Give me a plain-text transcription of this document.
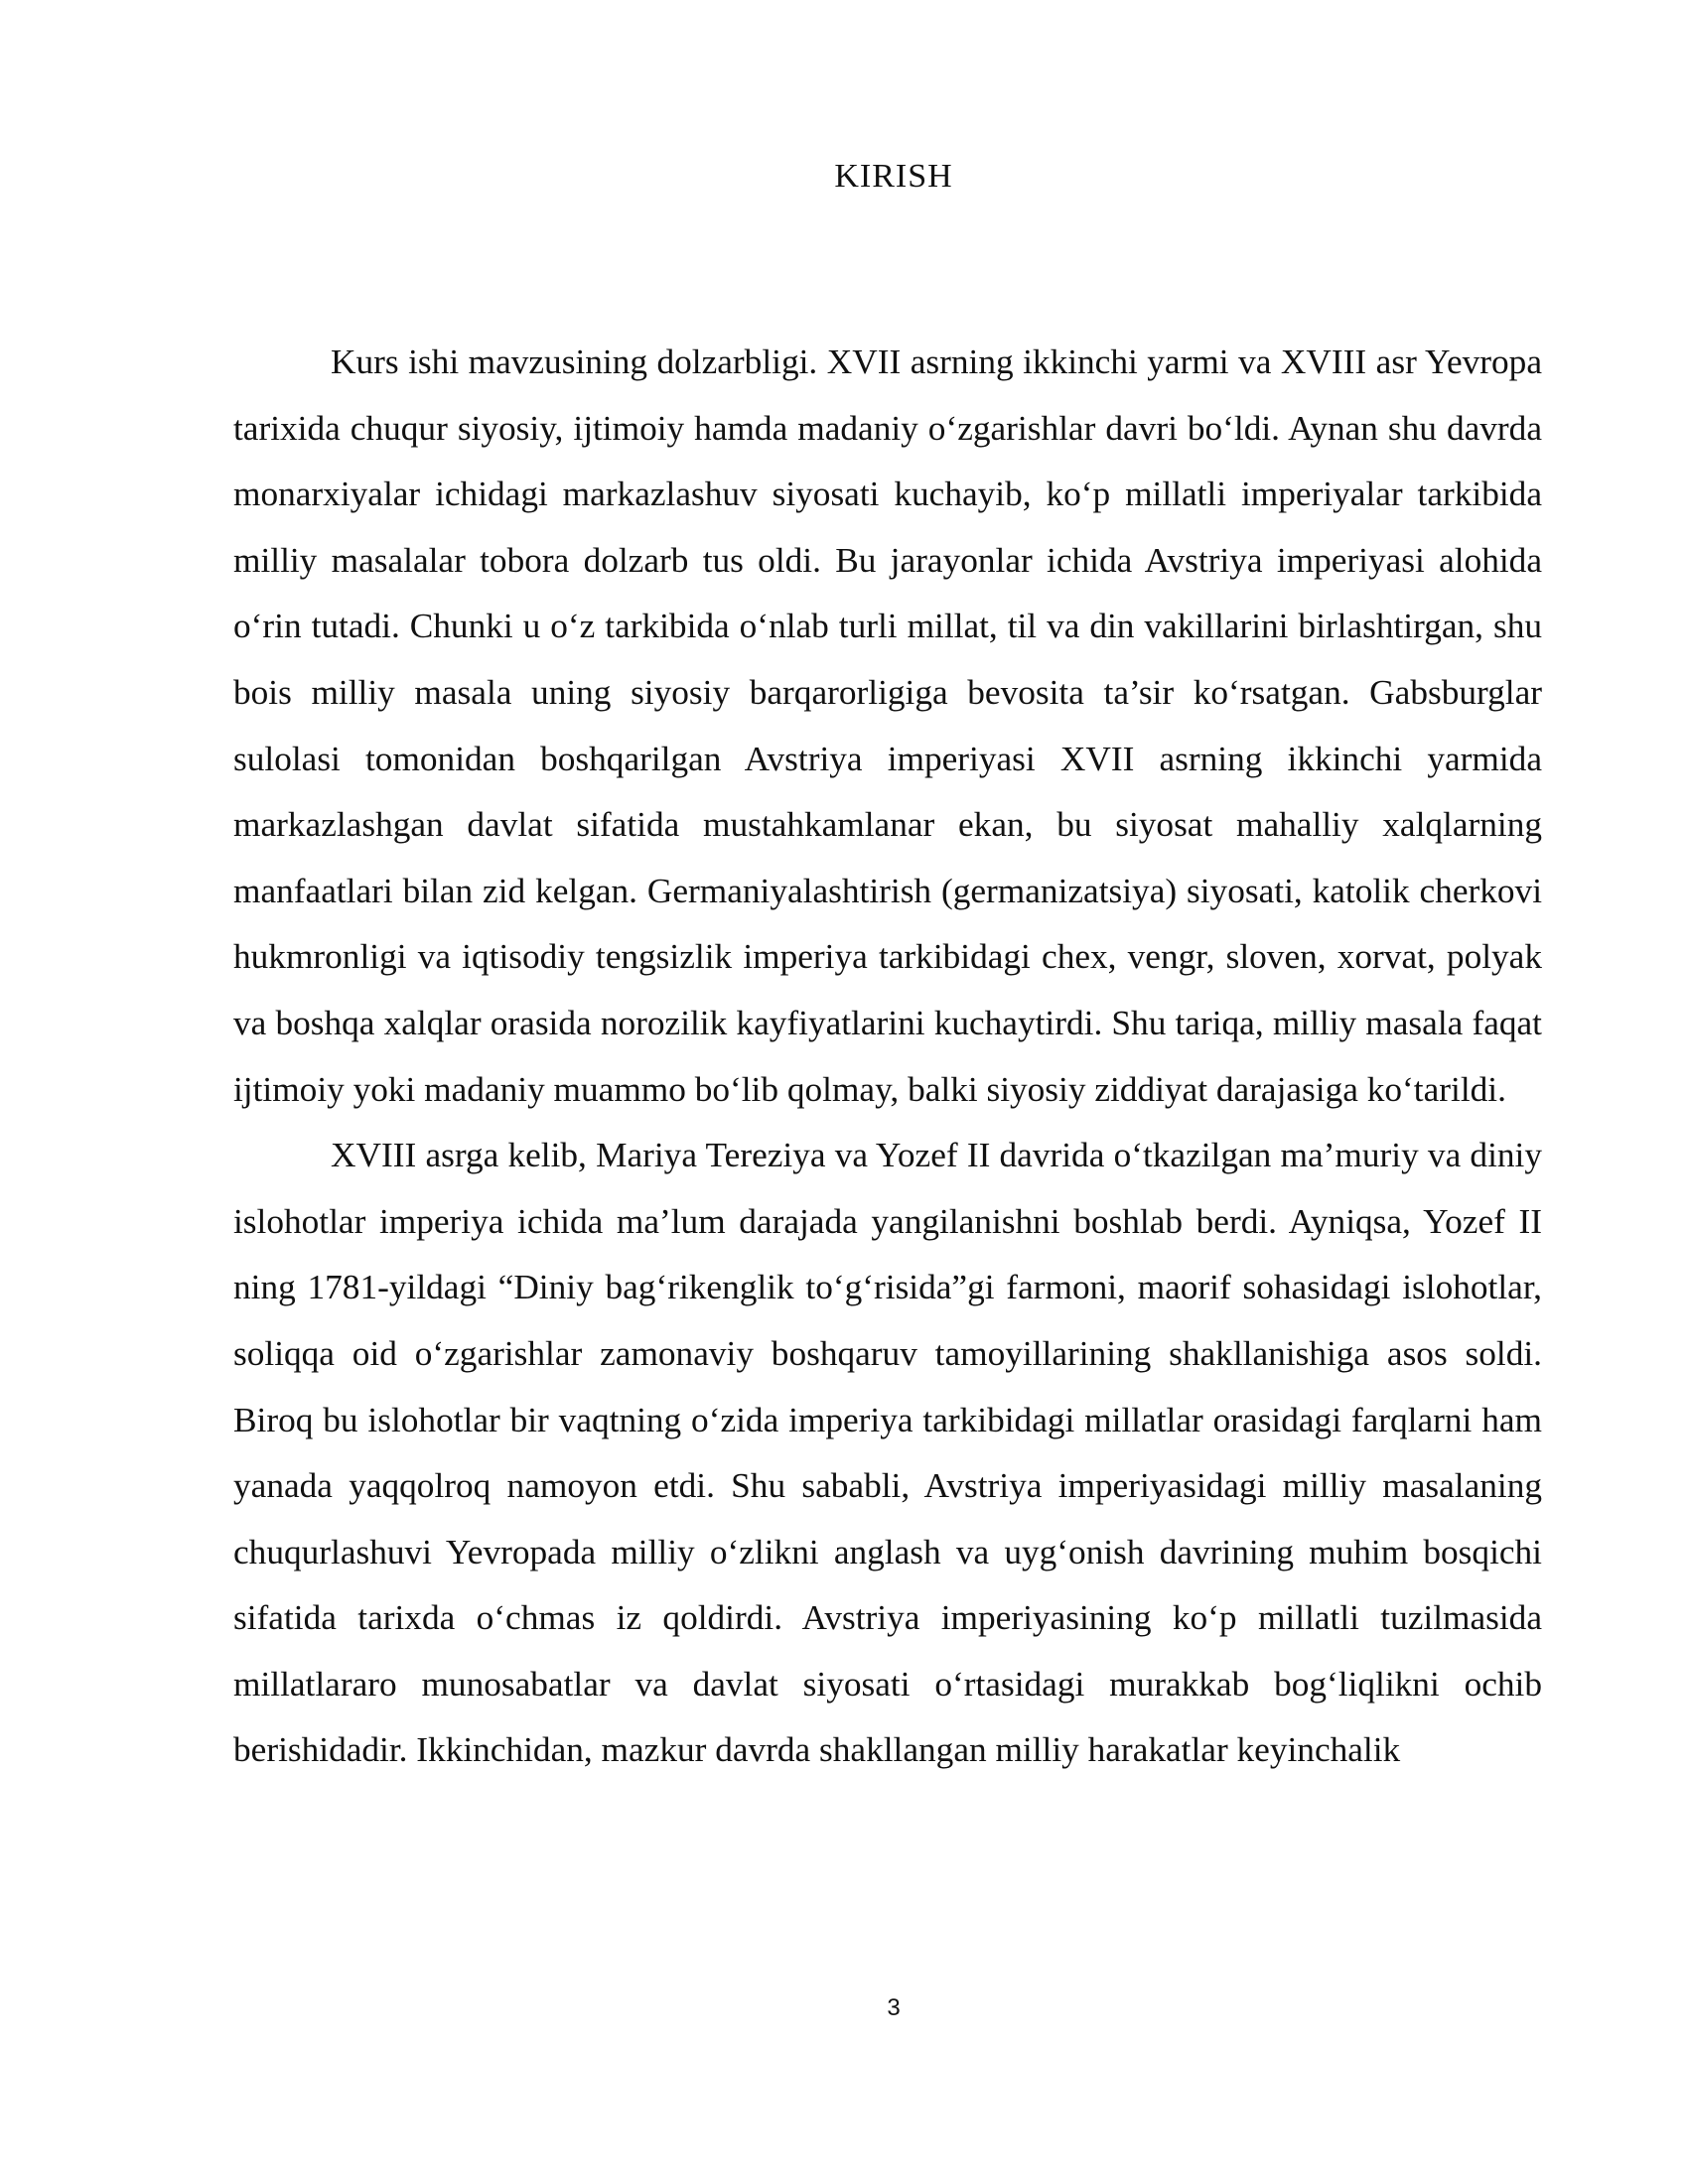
KIRISH

Kurs ishi mavzusining dolzarbligi. XVII asrning ikkinchi yarmi va XVIII asr Yevropa tarixida chuqur siyosiy, ijtimoiy hamda madaniy o‘zgarishlar davri bo‘ldi. Aynan shu davrda monarxiyalar ichidagi markazlashuv siyosati kuchayib, ko‘p millatli imperiyalar tarkibida milliy masalalar tobora dolzarb tus oldi. Bu jarayonlar ichida Avstriya imperiyasi alohida o‘rin tutadi. Chunki u o‘z tarkibida o‘nlab turli millat, til va din vakillarini birlashtirgan, shu bois milliy masala uning siyosiy barqarorligiga bevosita ta’sir ko‘rsatgan. Gabsburglar sulolasi tomonidan boshqarilgan Avstriya imperiyasi XVII asrning ikkinchi yarmida markazlashgan davlat sifatida mustahkamlanar ekan, bu siyosat mahalliy xalqlarning manfaatlari bilan zid kelgan. Germaniyalashtirish (germanizatsiya) siyosati, katolik cherkovi hukmronligi va iqtisodiy tengsizlik imperiya tarkibidagi chex, vengr, sloven, xorvat, polyak va boshqa xalqlar orasida norozilik kayfiyatlarini kuchaytirdi. Shu tariqa, milliy masala faqat ijtimoiy yoki madaniy muammo bo‘lib qolmay, balki siyosiy ziddiyat darajasiga ko‘tarildi.

XVIII asrga kelib, Mariya Tereziya va Yozef II davrida o‘tkazilgan ma’muriy va diniy islohotlar imperiya ichida ma’lum darajada yangilanishni boshlab berdi. Ayniqsa, Yozef II ning 1781-yildagi “Diniy bag‘rikenglik to‘g‘risida”gi farmoni, maorif sohasidagi islohotlar, soliqqa oid o‘zgarishlar zamonaviy boshqaruv tamoyillarining shakllanishiga asos soldi. Biroq bu islohotlar bir vaqtning o‘zida imperiya tarkibidagi millatlar orasidagi farqlarni ham yanada yaqqolroq namoyon etdi. Shu sababli, Avstriya imperiyasidagi milliy masalaning chuqurlashuvi Yevropada milliy o‘zlikni anglash va uyg‘onish davrining muhim bosqichi sifatida tarixda o‘chmas iz qoldirdi. Avstriya imperiyasining ko‘p millatli tuzilmasida millatlararo munosabatlar va davlat siyosati o‘rtasidagi murakkab bog‘liqlikni ochib berishidadir. Ikkinchidan, mazkur davrda shakllangan milliy harakatlar keyinchalik

3
